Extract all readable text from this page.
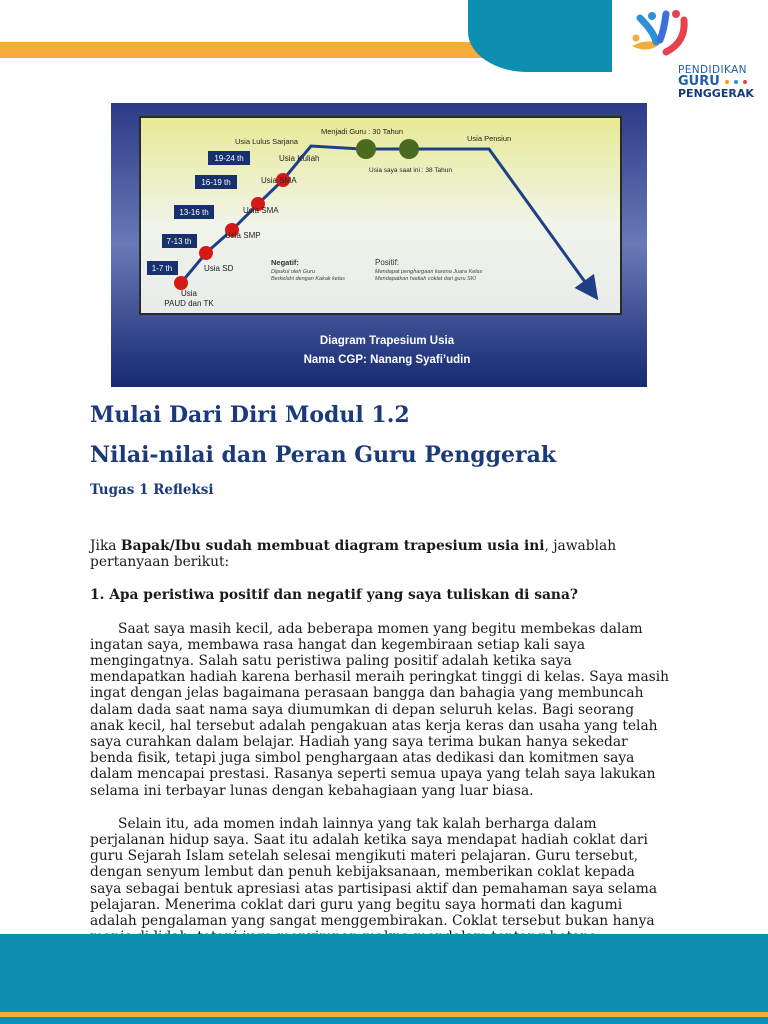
PENDIDIKAN
GURU
PENGGERAK
1-7 th
7-13 th
13-16 th
16-19 th
19-24 th
Usia
PAUD dan TK
Usia SD
Usia SMP
Usia SMA
Usia SMA
Usia Kuliah
Usia Lulus Sarjana
Menjadi Guru : 30 Tahun
Usia saya saat ini : 38 Tahun
Usia Pensiun
Negatif:
Dipukul oleh Guru
Berkelahi dengan Kakak kelas
Positif:
Mendapat penghargaan karena Juara Kelas
Mendapatkan hadiah coklat dari guru SKI
Diagram Trapesium Usia
Nama CGP: Nanang Syafi’udin
Mulai Dari Diri Modul 1.2
Nilai-nilai dan Peran Guru Penggerak
Tugas 1 Refleksi

Jika Bapak/Ibu sudah membuat diagram trapesium usia ini, jawablah pertanyaan berikut:

1. Apa peristiwa positif dan negatif yang saya tuliskan di sana?

Saat saya masih kecil, ada beberapa momen yang begitu membekas dalam ingatan saya, membawa rasa hangat dan kegembiraan setiap kali saya mengingatnya. Salah satu peristiwa paling positif adalah ketika saya mendapatkan hadiah karena berhasil meraih peringkat tinggi di kelas. Saya masih ingat dengan jelas bagaimana perasaan bangga dan bahagia yang membuncah dalam dada saat nama saya diumumkan di depan seluruh kelas. Bagi seorang anak kecil, hal tersebut adalah pengakuan atas kerja keras dan usaha yang telah saya curahkan dalam belajar. Hadiah yang saya terima bukan hanya sekedar benda fisik, tetapi juga simbol penghargaan atas dedikasi dan komitmen saya dalam mencapai prestasi. Rasanya seperti semua upaya yang telah saya lakukan selama ini terbayar lunas dengan kebahagiaan yang luar biasa.

Selain itu, ada momen indah lainnya yang tak kalah berharga dalam perjalanan hidup saya. Saat itu adalah ketika saya mendapat hadiah coklat dari guru Sejarah Islam setelah selesai mengikuti materi pelajaran. Guru tersebut, dengan senyum lembut dan penuh kebijaksanaan, memberikan coklat kepada saya sebagai bentuk apresiasi atas partisipasi aktif dan pemahaman saya selama pelajaran. Menerima coklat dari guru yang begitu saya hormati dan kagumi adalah pengalaman yang sangat menggembirakan. Coklat tersebut bukan hanya
